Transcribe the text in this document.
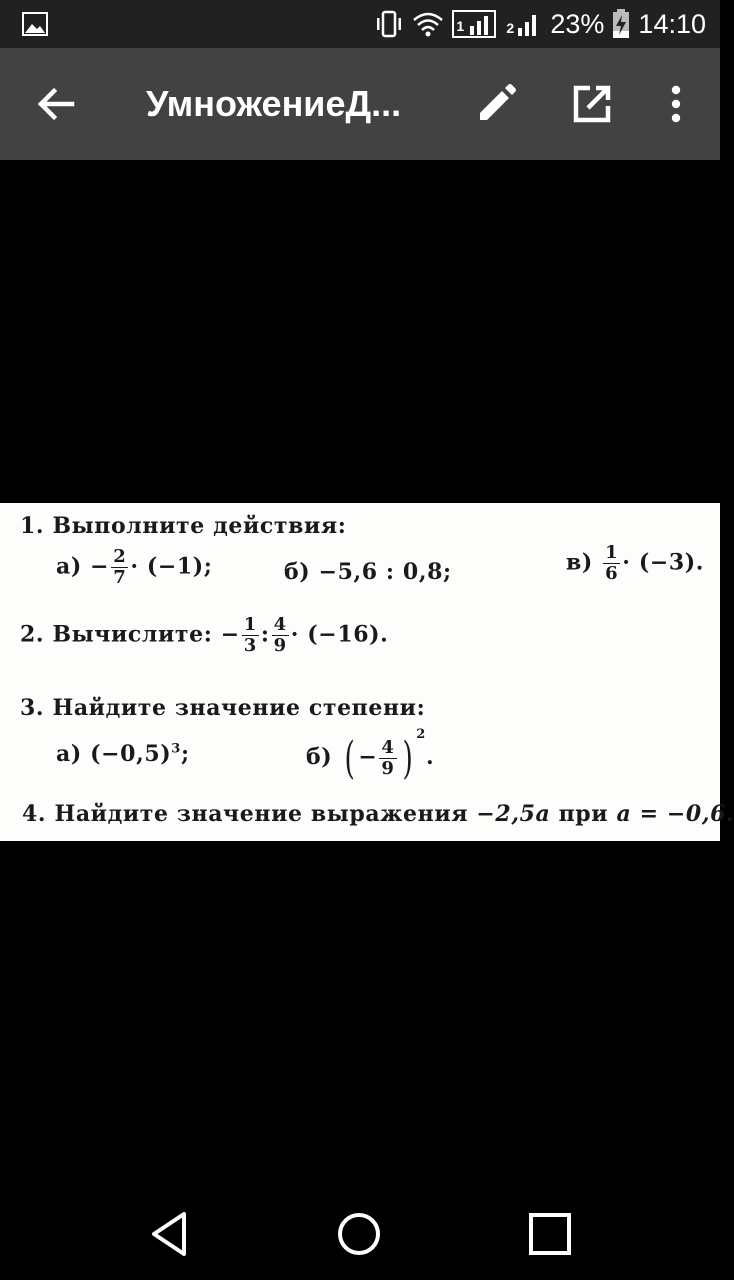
1	2 23% 14:10
УмножениеД...
1. Выполните действия:
$а) - \frac{2}{7} \cdot (-1)$;	б) −5,6 : 0,8;	$в) \frac{1}{6} \cdot (-3)$.
2. Вычислите: − $\frac{1}{3}$ : $\frac{4}{9} \cdot (-16)$.
3. Найдите значение степени:
а) $(-0,5)^3$;	б) ( − $\frac{4}{9}$ ) $^2$.
4. Найдите значение выражения −2,5a при a = −0,6.
